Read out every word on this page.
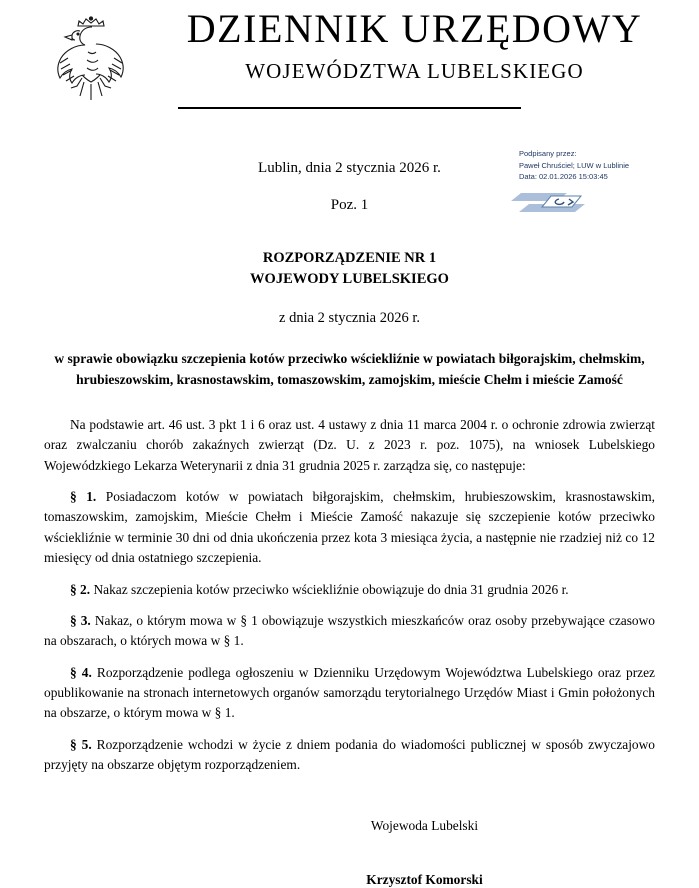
DZIENNIK URZĘDOWY
WOJEWÓDZTWA LUBELSKIEGO
Lublin, dnia 2 stycznia 2026 r.
Poz. 1
Podpisany przez:
Paweł Chruściel; LUW w Lublinie
Data: 02.01.2026 15:03:45
ROZPORZĄDZENIE NR 1
WOJEWODY LUBELSKIEGO
z dnia 2 stycznia 2026 r.
w sprawie obowiązku szczepienia kotów przeciwko wściekliźnie w powiatach biłgorajskim, chełmskim, hrubieszowskim, krasnostawskim, tomaszowskim, zamojskim, mieście Chełm i mieście Zamość

Na podstawie art. 46 ust. 3 pkt 1 i 6 oraz ust. 4 ustawy z dnia 11 marca 2004 r. o ochronie zdrowia zwierząt oraz zwalczaniu chorób zakaźnych zwierząt (Dz. U. z 2023 r. poz. 1075), na wniosek Lubelskiego Wojewódzkiego Lekarza Weterynarii z dnia 31 grudnia 2025 r. zarządza się, co następuje:

§ 1. Posiadaczom kotów w powiatach biłgorajskim, chełmskim, hrubieszowskim, krasnostawskim, tomaszowskim, zamojskim, Mieście Chełm i Mieście Zamość nakazuje się szczepienie kotów przeciwko wściekliźnie w terminie 30 dni od dnia ukończenia przez kota 3 miesiąca życia, a następnie nie rzadziej niż co 12 miesięcy od dnia ostatniego szczepienia.

§ 2. Nakaz szczepienia kotów przeciwko wściekliźnie obowiązuje do dnia 31 grudnia 2026 r.

§ 3. Nakaz, o którym mowa w § 1 obowiązuje wszystkich mieszkańców oraz osoby przebywające czasowo na obszarach, o których mowa w § 1.

§ 4. Rozporządzenie podlega ogłoszeniu w Dzienniku Urzędowym Województwa Lubelskiego oraz przez opublikowanie na stronach internetowych organów samorządu terytorialnego Urzędów Miast i Gmin położonych na obszarze, o którym mowa w § 1.

§ 5. Rozporządzenie wchodzi w życie z dniem podania do wiadomości publicznej w sposób zwyczajowo przyjęty na obszarze objętym rozporządzeniem.

Wojewoda Lubelski
Krzysztof Komorski
